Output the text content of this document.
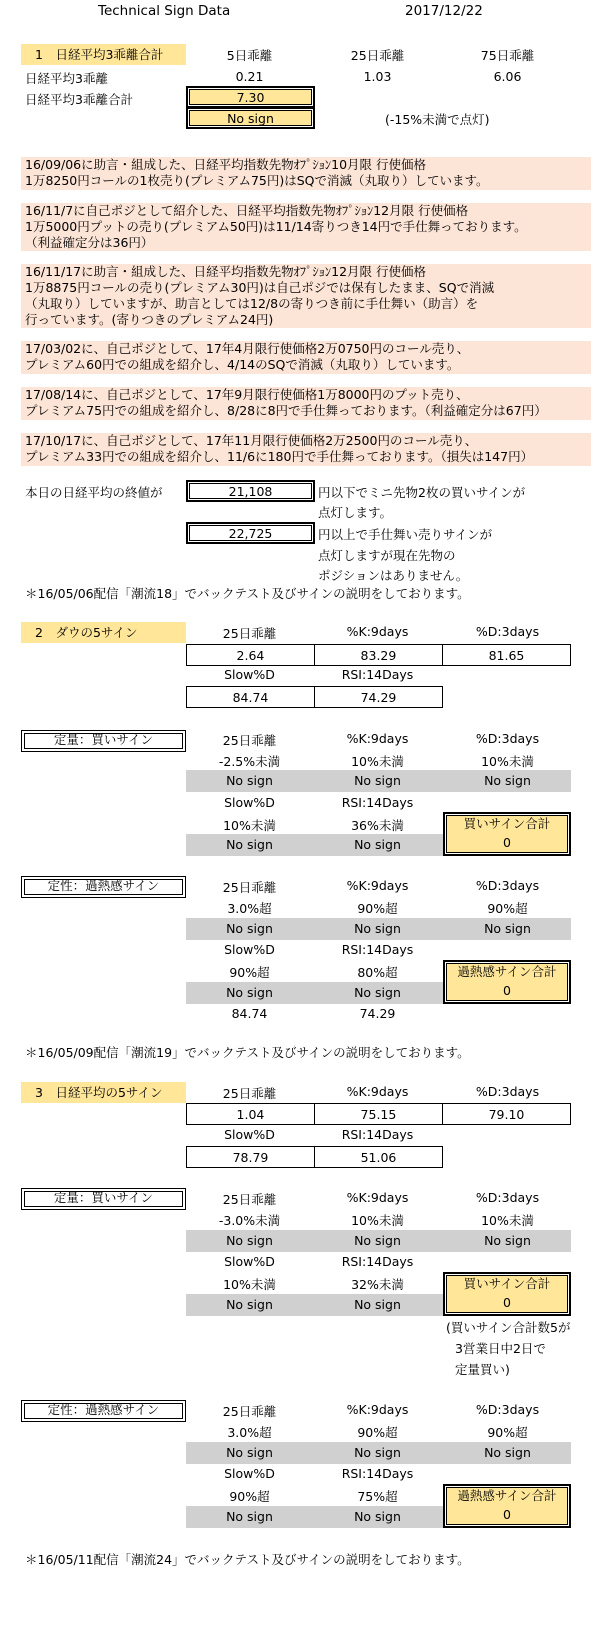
Technical Sign Data	2017/12/22
1　日経平均3乖離合計	5日乖離	25日乖離	75日乖離
日経平均3乖離	0.21	1.03	6.06
日経平均3乖離合計	7.30
No sign	(-15%未満で点灯)
16/09/06に助言・組成した、日経平均指数先物ｵﾌﾟｼｮﾝ10月限 行使価格
1万8250円コールの1枚売り(プレミアム75円)はSQで消滅（丸取り）しています。
16/11/7に自己ポジとして紹介した、日経平均指数先物ｵﾌﾟｼｮﾝ12月限 行使価格
1万5000円プットの売り(プレミアム50円)は11/14寄りつき14円で手仕舞っております。
（利益確定分は36円）
16/11/17に助言・組成した、日経平均指数先物ｵﾌﾟｼｮﾝ12月限 行使価格
1万8875円コールの売り(プレミアム30円)は自己ポジでは保有したまま、SQで消滅
（丸取り）していますが、助言としては12/8の寄りつき前に手仕舞い（助言）を
行っています。(寄りつきのプレミアム24円)
17/03/02に、自己ポジとして、17年4月限行使価格2万0750円のコール売り、
プレミアム60円での組成を紹介し、4/14のSQで消滅（丸取り）しています。
17/08/14に、自己ポジとして、17年9月限行使価格1万8000円のプット売り、
プレミアム75円での組成を紹介し、8/28に8円で手仕舞っております。（利益確定分は67円）
17/10/17に、自己ポジとして、17年11月限行使価格2万2500円のコール売り、
プレミアム33円での組成を紹介し、11/6に180円で手仕舞っております。（損失は147円）
本日の日経平均の終値が	21,108	円以下でミニ先物2枚の買いサインが
点灯します。
22,725	円以上で手仕舞い売りサインが
点灯しますが現在先物の
ポジションはありません。
＊16/05/06配信「潮流18」でバックテスト及びサインの説明をしております。
2　ダウの5サイン	25日乖離	%K:9days	%D:3days
2.64	83.29	81.65
Slow%D	RSI:14Days
84.74	74.29
定量：買いサイン	25日乖離	%K:9days	%D:3days
-2.5%未満	10%未満	10%未満
No sign	No sign	No sign
Slow%D	RSI:14Days
10%未満	36%未満
No sign	No sign
買いサイン合計
0
定性：過熱感サイン	25日乖離	%K:9days	%D:3days
3.0%超	90%超	90%超
No sign	No sign	No sign
Slow%D	RSI:14Days
90%超	80%超
No sign	No sign
84.74	74.29
過熱感サイン合計
0
＊16/05/09配信「潮流19」でバックテスト及びサインの説明をしております。
3　日経平均の5サイン	25日乖離	%K:9days	%D:3days
1.04	75.15	79.10
Slow%D	RSI:14Days
78.79	51.06
定量：買いサイン	25日乖離	%K:9days	%D:3days
-3.0%未満	10%未満	10%未満
No sign	No sign	No sign
Slow%D	RSI:14Days
10%未満	32%未満
No sign	No sign
買いサイン合計
0
(買いサイン合計数5が
3営業日中2日で
定量買い)
定性：過熱感サイン	25日乖離	%K:9days	%D:3days
3.0%超	90%超	90%超
No sign	No sign	No sign
Slow%D	RSI:14Days
90%超	75%超
No sign	No sign
過熱感サイン合計
0
＊16/05/11配信「潮流24」でバックテスト及びサインの説明をしております。
